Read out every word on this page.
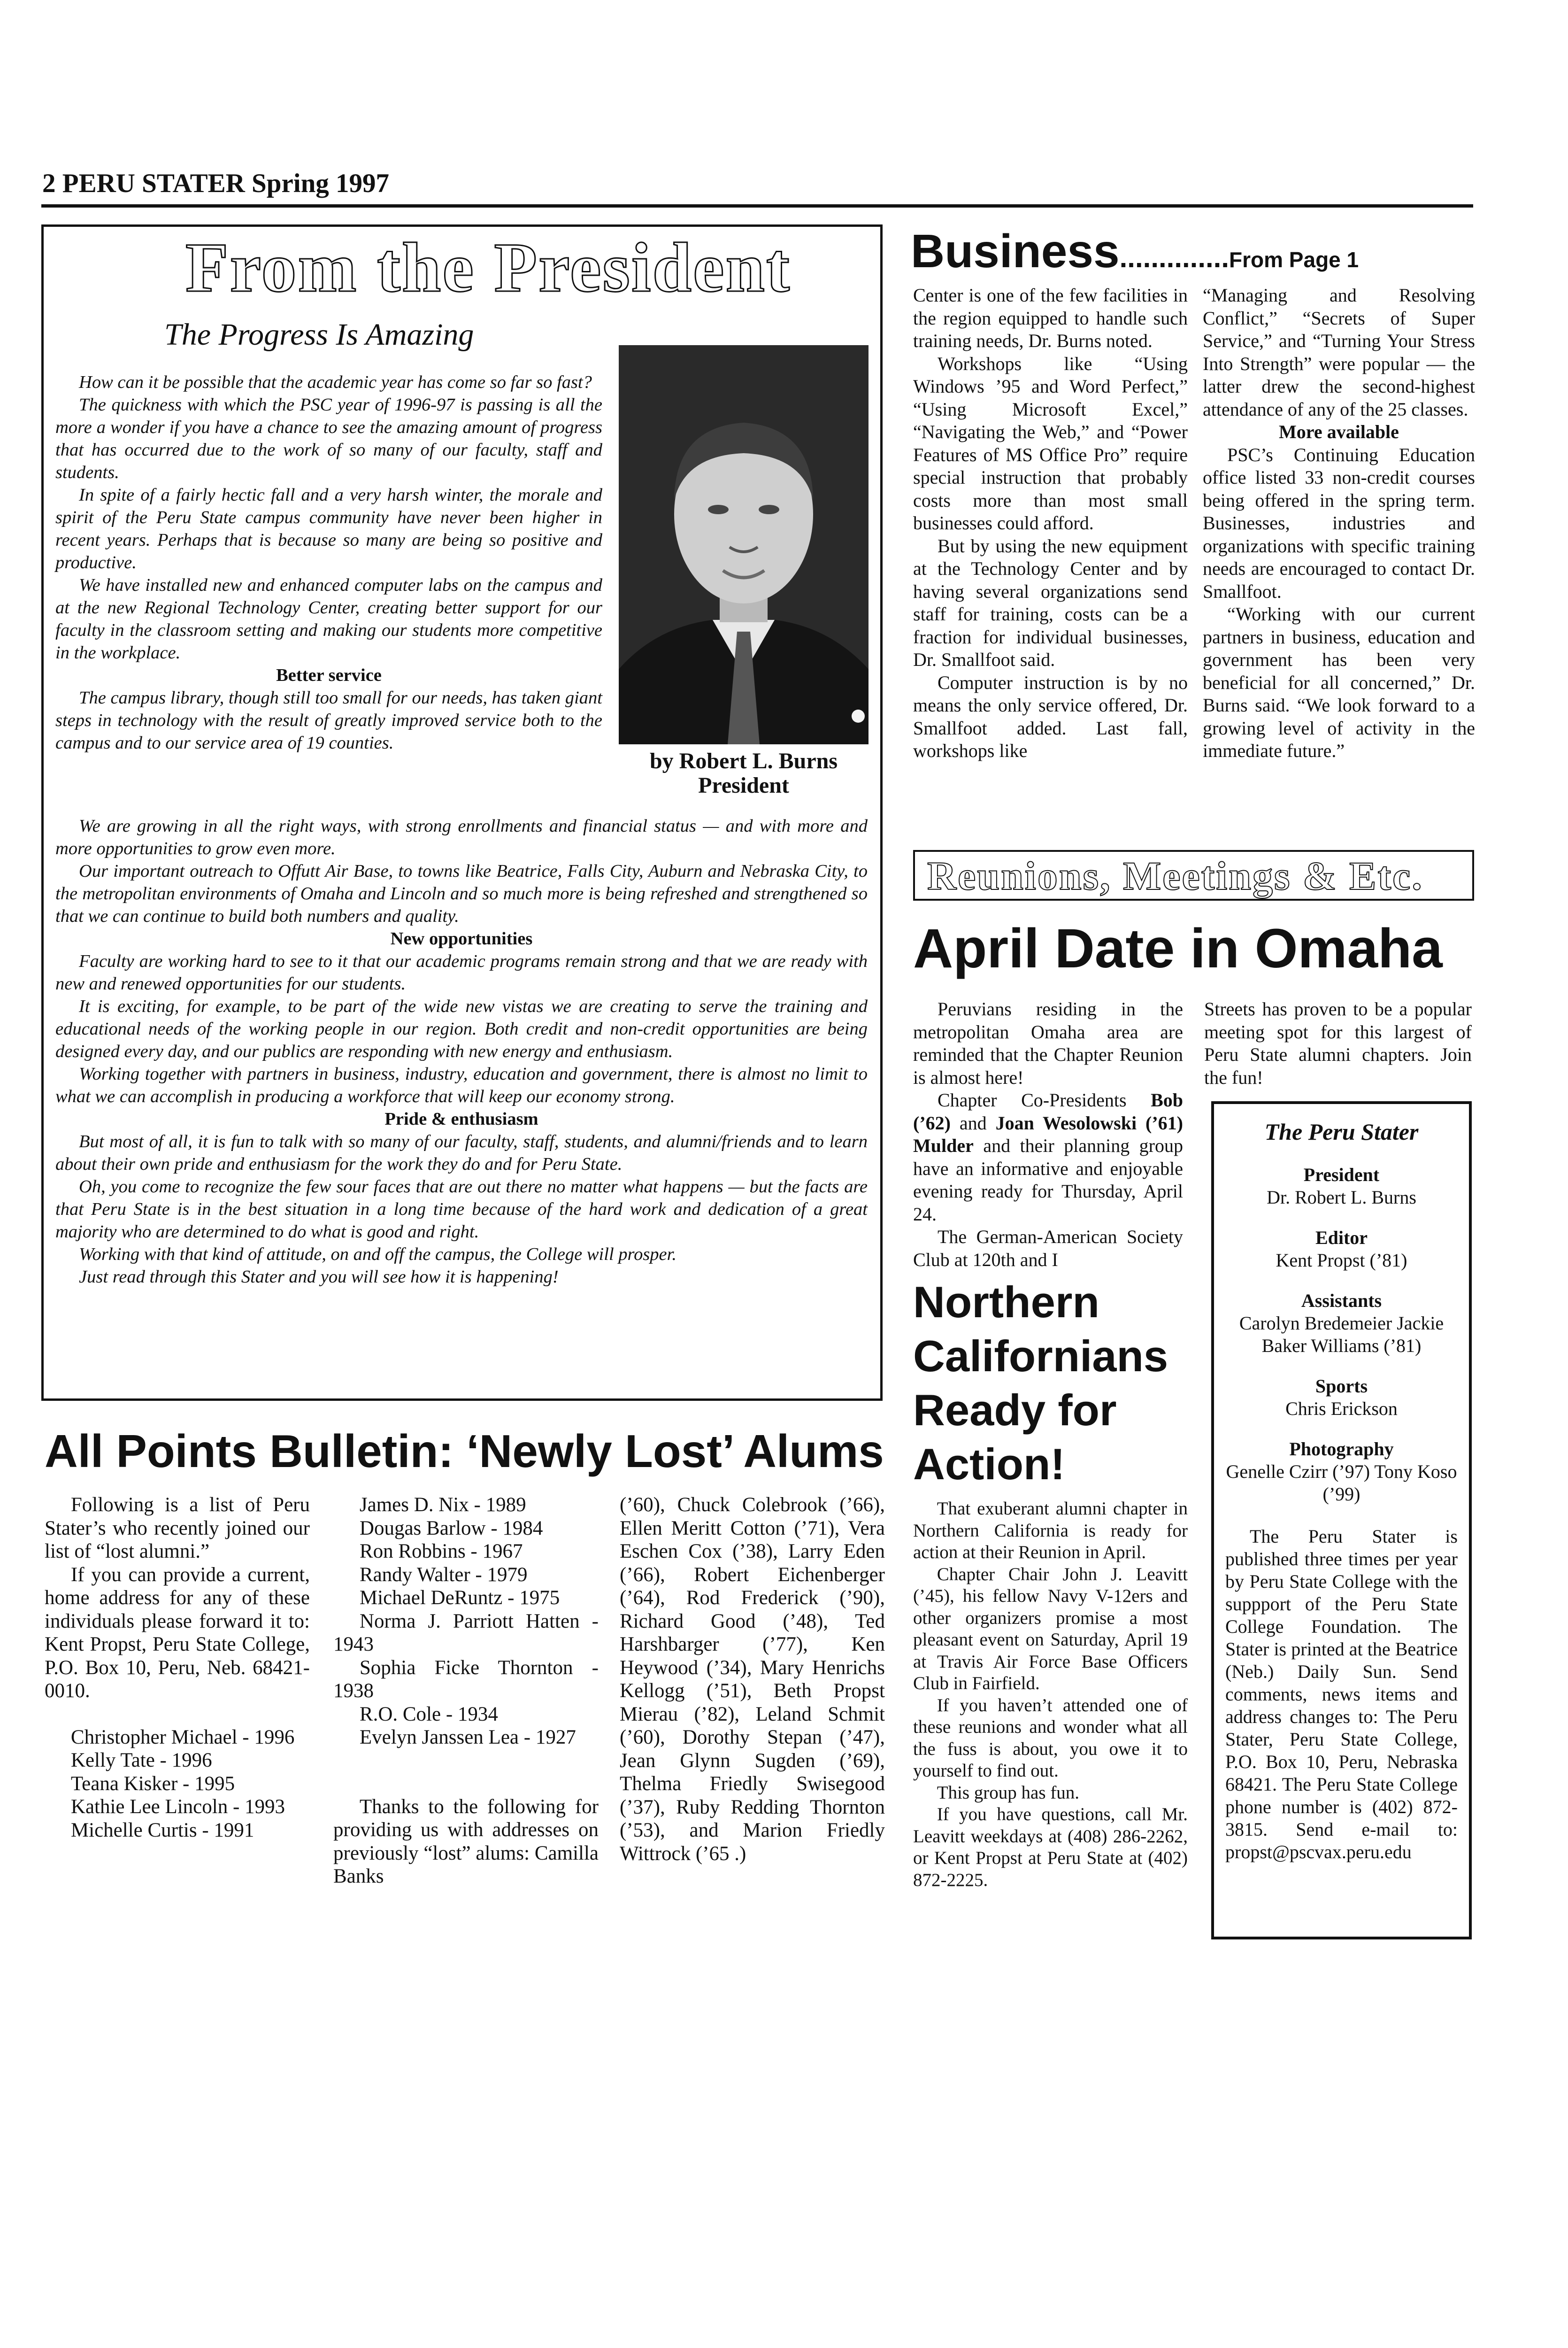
2 PERU STATER Spring 1997
From the President
The Progress Is Amazing
by Robert L. Burns
President

How can it be possible that the academic year has come so far so fast?

The quickness with which the PSC year of 1996-97 is passing is all the more a wonder if you have a chance to see the amazing amount of progress that has occurred due to the work of so many of our faculty, staff and students.

In spite of a fairly hectic fall and a very harsh winter, the morale and spirit of the Peru State campus community have never been higher in recent years. Perhaps that is because so many are being so positive and productive.

We have installed new and enhanced computer labs on the campus and at the new Regional Technology Center, creating better support for our faculty in the classroom setting and making our students more competitive in the workplace.

Better service

The campus library, though still too small for our needs, has taken giant steps in technology with the result of greatly improved service both to the campus and to our service area of 19 counties.

We are growing in all the right ways, with strong enrollments and financial status — and with more and more opportunities to grow even more.

Our important outreach to Offutt Air Base, to towns like Beatrice, Falls City, Auburn and Nebraska City, to the metropolitan environments of Omaha and Lincoln and so much more is being refreshed and strengthened so that we can continue to build both numbers and quality.

New opportunities

Faculty are working hard to see to it that our academic programs remain strong and that we are ready with new and renewed opportunities for our students.

It is exciting, for example, to be part of the wide new vistas we are creating to serve the training and educational needs of the working people in our region. Both credit and non-credit opportunities are being designed every day, and our publics are responding with new energy and enthusiasm.

Working together with partners in business, industry, education and government, there is almost no limit to what we can accomplish in producing a workforce that will keep our economy strong.

Pride & enthusiasm

But most of all, it is fun to talk with so many of our faculty, staff, students, and alumni/friends and to learn about their own pride and enthusiasm for the work they do and for Peru State.

Oh, you come to recognize the few sour faces that are out there no matter what happens — but the facts are that Peru State is in the best situation in a long time because of the hard work and dedication of a great majority who are determined to do what is good and right.

Working with that kind of attitude, on and off the campus, the College will prosper.

Just read through this Stater and you will see how it is happening!

Business..............From Page 1

Center is one of the few facilities in the region equipped to handle such training needs, Dr. Burns noted.

Workshops like “Using Windows ’95 and Word Perfect,” “Using Microsoft Excel,” “Navigating the Web,” and “Power Features of MS Office Pro” require special instruction that probably costs more than most small businesses could afford.

But by using the new equipment at the Technology Center and by having several organizations send staff for training, costs can be a fraction for individual businesses, Dr. Smallfoot said.

Computer instruction is by no means the only service offered, Dr. Smallfoot added. Last fall, workshops like

“Managing and Resolving Conflict,” “Secrets of Super Service,” and “Turning Your Stress Into Strength” were popular — the latter drew the second-highest attendance of any of the 25 classes.

More available

PSC’s Continuing Education office listed 33 non-credit courses being offered in the spring term. Businesses, industries and organizations with specific training needs are encouraged to contact Dr. Smallfoot.

“Working with our current partners in business, education and government has been very beneficial for all concerned,” Dr. Burns said. “We look forward to a growing level of activity in the immediate future.”

Reunions, Meetings & Etc.
April Date in Omaha

Peruvians residing in the metropolitan Omaha area are reminded that the Chapter Reunion is almost here!

Chapter Co-Presidents Bob (’62) and Joan Wesolowski (’61) Mulder and their planning group have an informative and enjoyable evening ready for Thursday, April 24.

The German-American Society Club at 120th and I

Streets has proven to be a popular meeting spot for this largest of Peru State alumni chapters. Join the fun!

Northern Californians Ready for Action!

That exuberant alumni chapter in Northern California is ready for action at their Reunion in April.

Chapter Chair John J. Leavitt (’45), his fellow Navy V-12ers and other organizers promise a most pleasant event on Saturday, April 19 at Travis Air Force Base Officers Club in Fairfield.

If you haven’t attended one of these reunions and wonder what all the fuss is about, you owe it to yourself to find out.

This group has fun.

If you have questions, call Mr. Leavitt weekdays at (408) 286-2262, or Kent Propst at Peru State at (402) 872-2225.

The Peru Stater

President

Dr. Robert L. Burns

Editor

Kent Propst (’81)

Assistants

Carolyn Bredemeier Jackie Baker Williams (’81)

Sports

Chris Erickson

Photography

Genelle Czirr (’97) Tony Koso (’99)

The Peru Stater is published three times per year by Peru State College with the suppport of the Peru State College Foundation. The Stater is printed at the Beatrice (Neb.) Daily Sun. Send comments, news items and address changes to: The Peru Stater, Peru State College, P.O. Box 10, Peru, Nebraska 68421. The Peru State College phone number is (402) 872-3815. Send e-mail to: propst@pscvax.peru.edu

All Points Bulletin: ‘Newly Lost’ Alums

Following is a list of Peru Stater’s who recently joined our list of “lost alumni.”

If you can provide a current, home address for any of these individuals please forward it to: Kent Propst, Peru State College, P.O. Box 10, Peru, Neb. 68421-0010.

Christopher Michael - 1996

Kelly Tate - 1996

Teana Kisker - 1995

Kathie Lee Lincoln - 1993

Michelle Curtis - 1991

James D. Nix - 1989

Dougas Barlow - 1984

Ron Robbins - 1967

Randy Walter - 1979

Michael DeRuntz - 1975

Norma J. Parriott Hatten - 1943

Sophia Ficke Thornton - 1938

R.O. Cole - 1934

Evelyn Janssen Lea - 1927

Thanks to the following for providing us with addresses on previously “lost” alums: Camilla Banks

(’60), Chuck Colebrook (’66), Ellen Meritt Cotton (’71), Vera Eschen Cox (’38), Larry Eden (’66), Robert Eichenberger (’64), Rod Frederick (’90), Richard Good (’48), Ted Harshbarger (’77), Ken Heywood (’34), Mary Henrichs Kellogg (’51), Beth Propst Mierau (’82), Leland Schmit (’60), Dorothy Stepan (’47), Jean Glynn Sugden (’69), Thelma Friedly Swisegood (’37), Ruby Redding Thornton (’53), and Marion Friedly Wittrock (’65 .)
